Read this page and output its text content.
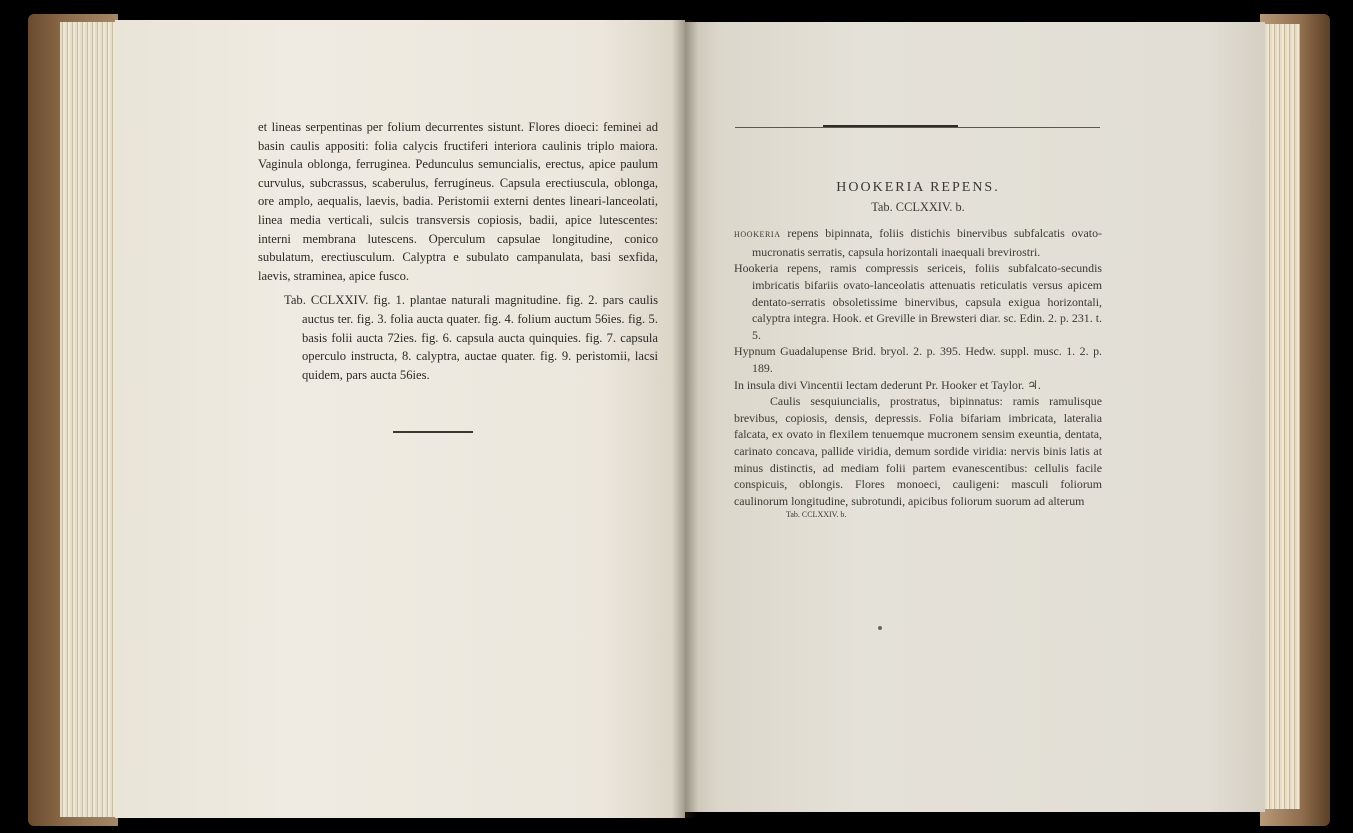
et lineas serpentinas per folium decurrentes sistunt. Flores dioeci: feminei ad basin caulis appositi: folia calycis fructiferi interiora caulinis triplo maiora. Vaginula oblonga, ferruginea. Pedunculus semuncialis, erectus, apice paulum curvulus, subcrassus, scaberulus, ferrugineus. Capsula erectiuscula, oblonga, ore amplo, aequalis, laevis, badia. Peristomii externi dentes lineari-lanceolati, linea media verticali, sulcis transversis copiosis, badii, apice lutescentes: interni membrana lutescens. Operculum capsulae longitudine, conico subulatum, erectiusculum. Calyptra e subulato campanulata, basi sexfida, laevis, straminea, apice fusco.

Tab. CCLXXIV. fig. 1. plantae naturali magnitudine. fig. 2. pars caulis auctus ter. fig. 3. folia aucta quater. fig. 4. folium auctum 56ies. fig. 5. basis folii aucta 72ies. fig. 6. capsula aucta quinquies. fig. 7. capsula operculo instructa, 8. calyptra, auctae quater. fig. 9. peristomii, lacsi quidem, pars aucta 56ies.

HOOKERIA REPENS.

Tab. CCLXXIV. b.

HOOKERIA repens bipinnata, foliis distichis binervibus subfalcatis ovato-mucronatis serratis, capsula horizontali inaequali brevirostri.

Hookeria repens, ramis compressis sericeis, foliis subfalcato-secundis imbricatis bifariis ovato-lanceolatis attenuatis reticulatis versus apicem dentato-serratis obsoletissime binervibus, capsula exigua horizontali, calyptra integra. Hook. et Greville in Brewsteri diar. sc. Edin. 2. p. 231. t. 5.

Hypnum Guadalupense Brid. bryol. 2. p. 395. Hedw. suppl. musc. 1. 2. p. 189.

In insula divi Vincentii lectam dederunt Pr. Hooker et Taylor. ♃.

Caulis sesquiuncialis, prostratus, bipinnatus: ramis ramulisque brevibus, copiosis, densis, depressis. Folia bifariam imbricata, lateralia falcata, ex ovato in flexilem tenuemque mucronem sensim exeuntia, dentata, carinato concava, pallide viridia, demum sordide viridia: nervis binis latis at minus distinctis, ad mediam folii partem evanescentibus: cellulis facile conspicuis, oblongis. Flores monoeci, cauligeni: masculi foliorum caulinorum longitudine, subrotundi, apicibus foliorum suorum ad alterum

Tab. CCLXXIV. b.
